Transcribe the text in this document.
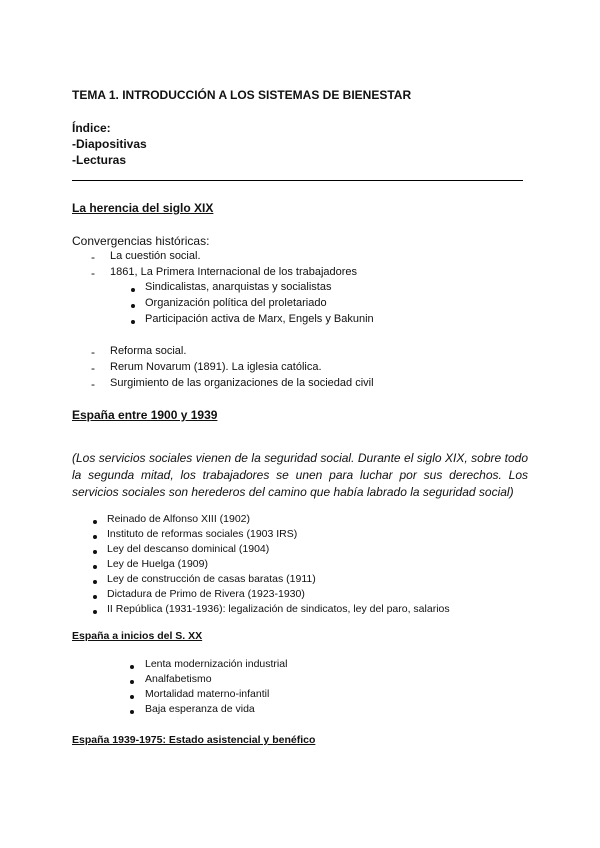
TEMA 1. INTRODUCCIÓN A LOS SISTEMAS DE BIENESTAR
Índice:
-Diapositivas
-Lecturas
La herencia del siglo XIX
Convergencias históricas:
- La cuestión social.
- 1861, La Primera Internacional de los trabajadores
Sindicalistas, anarquistas y socialistas
Organización política del proletariado
Participación activa de Marx, Engels y Bakunin
- Reforma social.
- Rerum Novarum (1891). La iglesia católica.
- Surgimiento de las organizaciones de la sociedad civil
España entre 1900 y 1939
(Los servicios sociales vienen de la seguridad social. Durante el siglo XIX, sobre todo la segunda mitad, los trabajadores se unen para luchar por sus derechos. Los servicios sociales son herederos del camino que había labrado la seguridad social)
Reinado de Alfonso XIII (1902)
Instituto de reformas sociales (1903 IRS)
Ley del descanso dominical (1904)
Ley de Huelga (1909)
Ley de construcción de casas baratas (1911)
Dictadura de Primo de Rivera (1923-1930)
II República (1931-1936): legalización de sindicatos, ley del paro, salarios
España a inicios del S. XX
Lenta modernización industrial
Analfabetismo
Mortalidad materno-infantil
Baja esperanza de vida
España 1939-1975: Estado asistencial y benéfico
